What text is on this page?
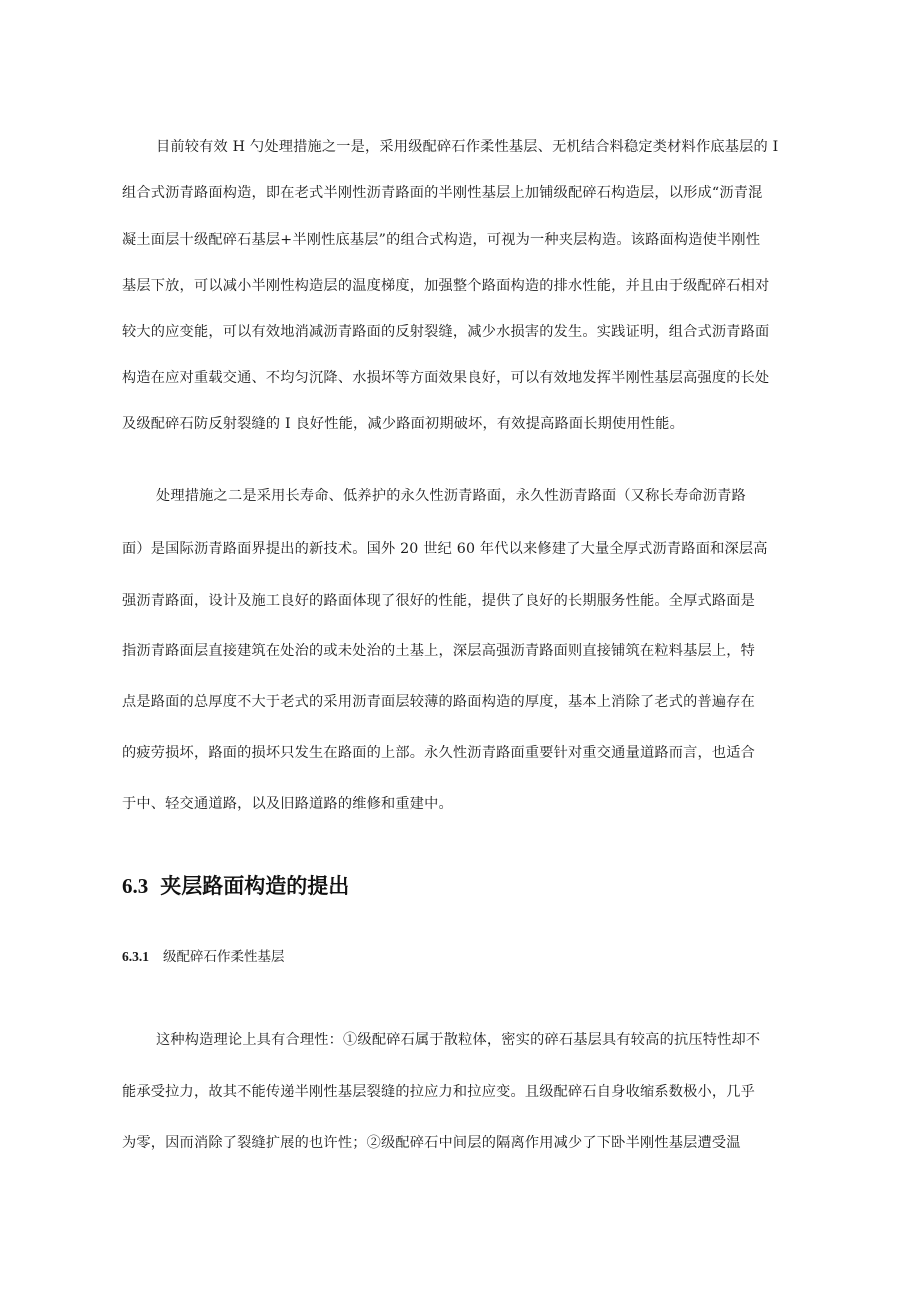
目前较有效 H 勺处理措施之一是，采用级配碎石作柔性基层、无机结合料稳定类材料作底基层的 I
组合式沥青路面构造，即在老式半刚性沥青路面的半刚性基层上加铺级配碎石构造层，以形成“沥青混
凝土面层十级配碎石基层+半刚性底基层”的组合式构造，可视为一种夹层构造。该路面构造使半刚性
基层下放，可以减小半刚性构造层的温度梯度，加强整个路面构造的排水性能，并且由于级配碎石相对
较大的应变能，可以有效地消减沥青路面的反射裂缝，减少水损害的发生。实践证明，组合式沥青路面
构造在应对重载交通、不均匀沉降、水损坏等方面效果良好，可以有效地发挥半刚性基层高强度的长处
及级配碎石防反射裂缝的 I 良好性能，减少路面初期破坏，有效提高路面长期使用性能。
处理措施之二是采用长寿命、低养护的永久性沥青路面，永久性沥青路面（又称长寿命沥青路
面）是国际沥青路面界提出的新技术。国外 20 世纪 60 年代以来修建了大量全厚式沥青路面和深层高
强沥青路面，设计及施工良好的路面体现了很好的性能，提供了良好的长期服务性能。全厚式路面是
指沥青路面层直接建筑在处治的或未处治的土基上，深层高强沥青路面则直接铺筑在粒料基层上，特
点是路面的总厚度不大于老式的采用沥青面层较薄的路面构造的厚度，基本上消除了老式的普遍存在
的疲劳损坏，路面的损坏只发生在路面的上部。永久性沥青路面重要针对重交通量道路而言，也适合
于中、轻交通道路，以及旧路道路的维修和重建中。
6.3 夹层路面构造的提出
6.3.1 级配碎石作柔性基层
这种构造理论上具有合理性：①级配碎石属于散粒体，密实的碎石基层具有较高的抗压特性却不
能承受拉力，故其不能传递半刚性基层裂缝的拉应力和拉应变。且级配碎石自身收缩系数极小，几乎
为零，因而消除了裂缝扩展的也许性；②级配碎石中间层的隔离作用减少了下卧半刚性基层遭受温
